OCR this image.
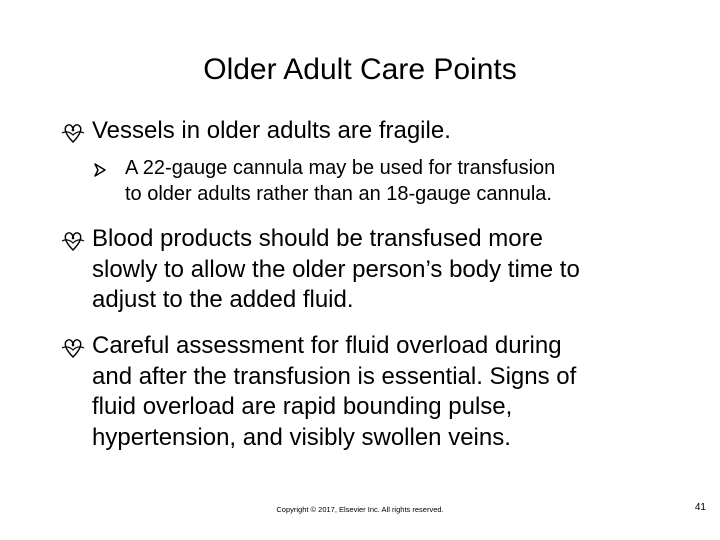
Older Adult Care Points
Vessels in older adults are fragile.
A 22-gauge cannula may be used for transfusion
to older adults rather than an 18-gauge cannula.
Blood products should be transfused more
slowly to allow the older person’s body time to
adjust to the added fluid.
Careful assessment for fluid overload during
and after the transfusion is essential. Signs of
fluid overload are rapid bounding pulse,
hypertension, and visibly swollen veins.
Copyright © 2017, Elsevier Inc. All rights reserved.	41
